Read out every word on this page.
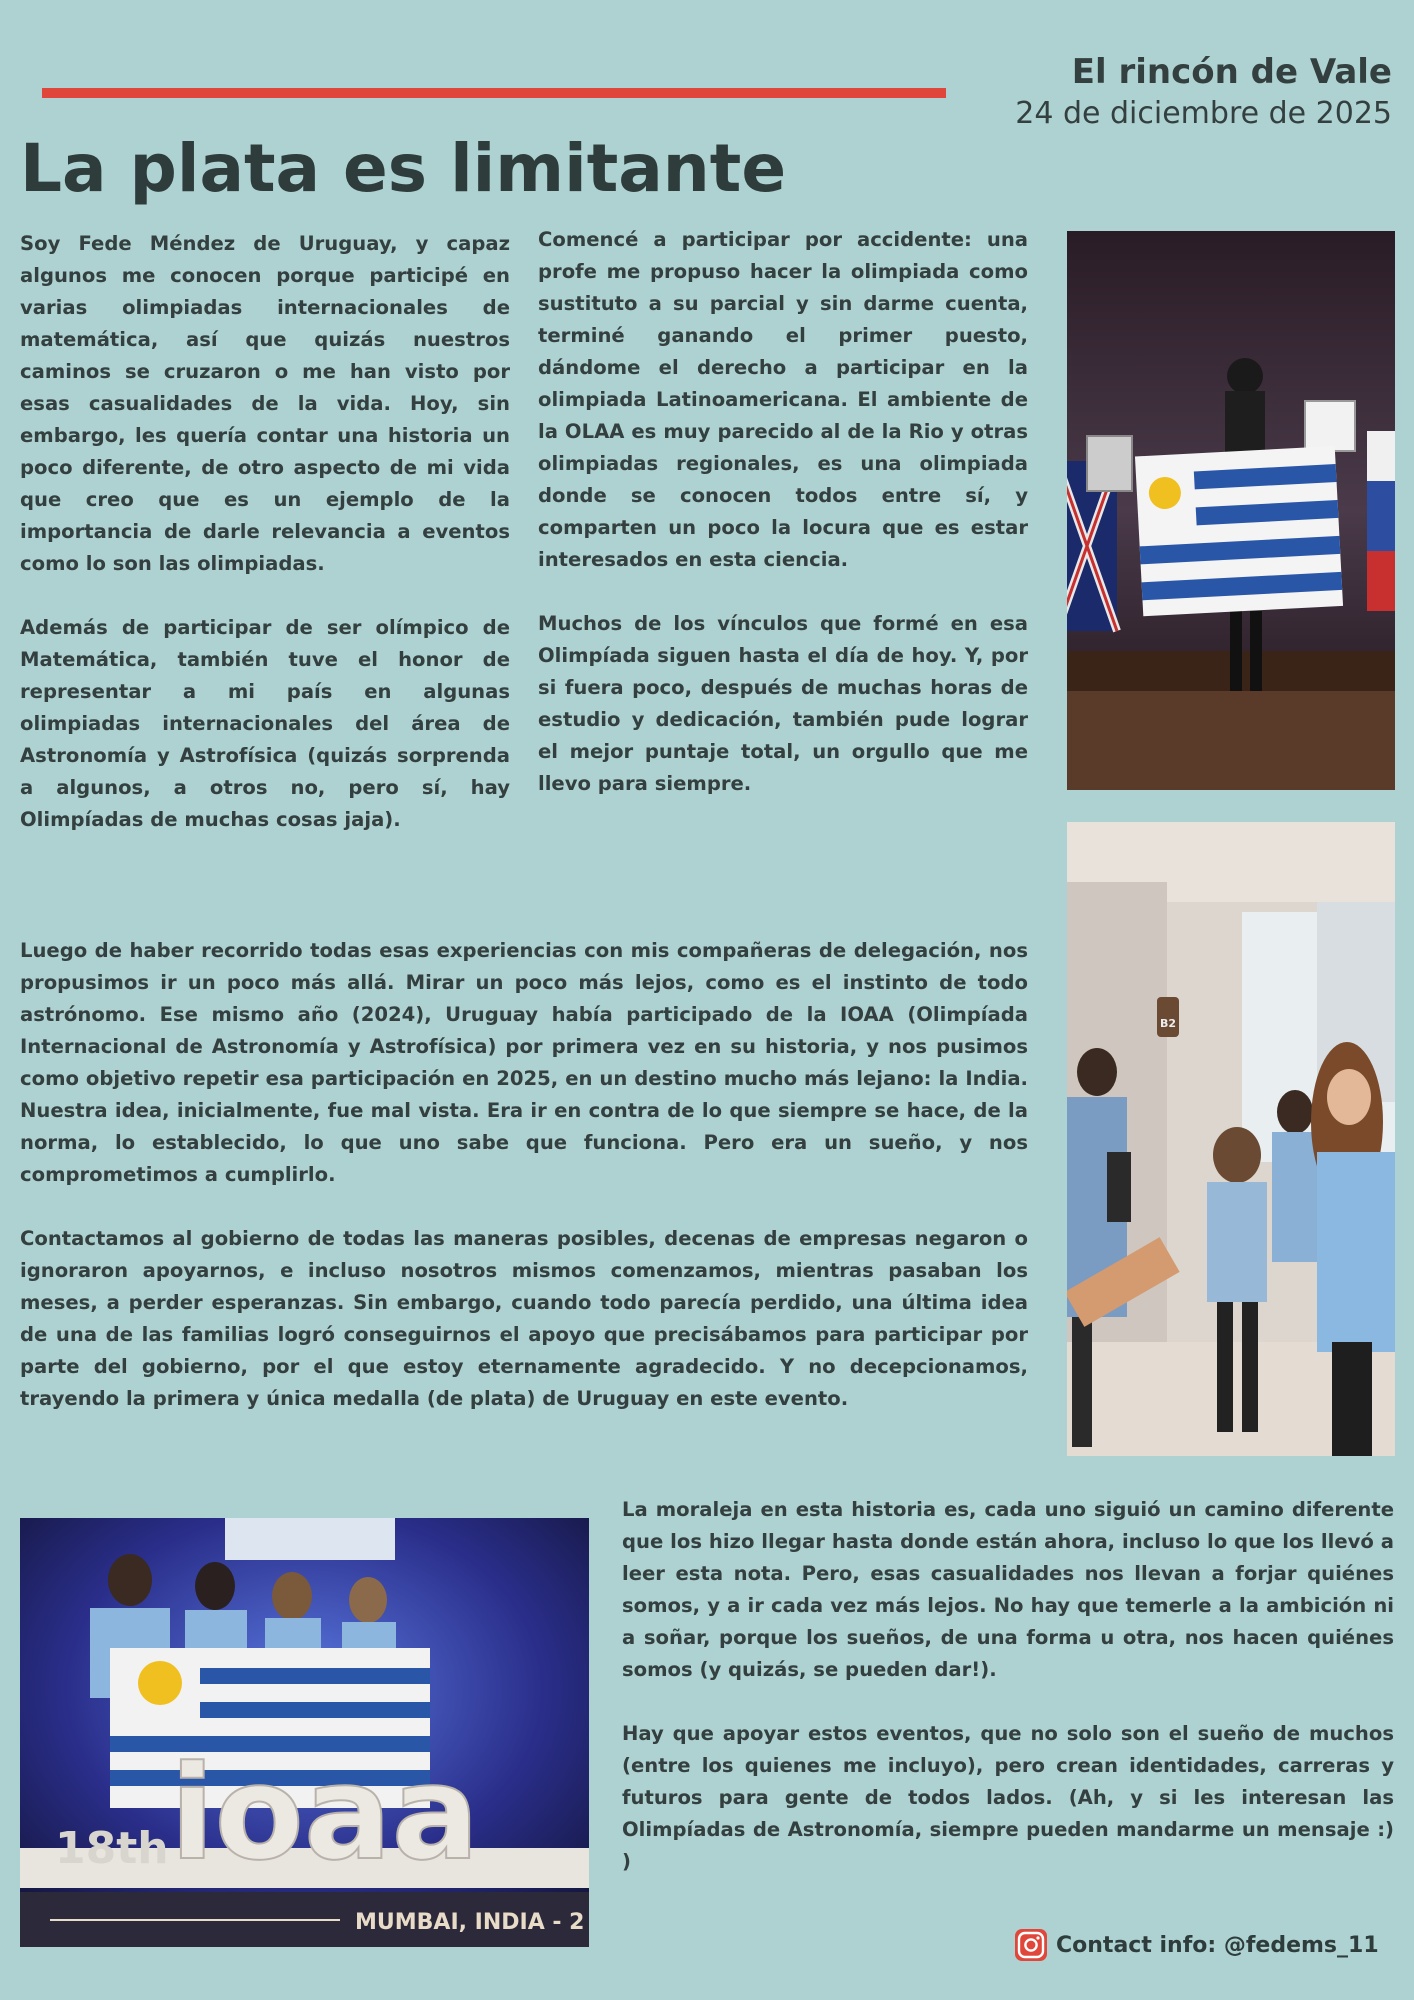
El rincón de Vale
24 de diciembre de 2025
La plata es limitante

Soy Fede Méndez de Uruguay, y capaz algunos me conocen porque participé en varias olimpiadas internacionales de matemática, así que quizás nuestros caminos se cruzaron o me han visto por esas casualidades de la vida. Hoy, sin embargo, les quería contar una historia un poco diferente, de otro aspecto de mi vida que creo que es un ejemplo de la importancia de darle relevancia a eventos como lo son las olimpiadas.

Además de participar de ser olímpico de Matemática, también tuve el honor de representar a mi país en algunas olimpiadas internacionales del área de Astronomía y Astrofísica (quizás sorprenda a algunos, a otros no, pero sí, hay Olimpíadas de muchas cosas jaja).

Comencé a participar por accidente: una profe me propuso hacer la olimpiada como sustituto a su parcial y sin darme cuenta, terminé ganando el primer puesto, dándome el derecho a participar en la olimpiada Latinoamericana. El ambiente de la OLAA es muy parecido al de la Rio y otras olimpiadas regionales, es una olimpiada donde se conocen todos entre sí, y comparten un poco la locura que es estar interesados en esta ciencia.

Muchos de los vínculos que formé en esa Olimpíada siguen hasta el día de hoy. Y, por si fuera poco, después de muchas horas de estudio y dedicación, también pude lograr el mejor puntaje total, un orgullo que me llevo para siempre.

Luego de haber recorrido todas esas experiencias con mis compañeras de delegación, nos propusimos ir un poco más allá. Mirar un poco más lejos, como es el instinto de todo astrónomo. Ese mismo año (2024), Uruguay había participado de la IOAA (Olimpíada Internacional de Astronomía y Astrofísica) por primera vez en su historia, y nos pusimos como objetivo repetir esa participación en 2025, en un destino mucho más lejano: la India. Nuestra idea, inicialmente, fue mal vista. Era ir en contra de lo que siempre se hace, de la norma, lo establecido, lo que uno sabe que funciona. Pero era un sueño, y nos comprometimos a cumplirlo.

Contactamos al gobierno de todas las maneras posibles, decenas de empresas negaron o ignoraron apoyarnos, e incluso nosotros mismos comenzamos, mientras pasaban los meses, a perder esperanzas. Sin embargo, cuando todo parecía perdido, una última idea de una de las familias logró conseguirnos el apoyo que precisábamos para participar por parte del gobierno, por el que estoy eternamente agradecido. Y no decepcionamos, trayendo la primera y única medalla (de plata) de Uruguay en este evento.

La moraleja en esta historia es, cada uno siguió un camino diferente que los hizo llegar hasta donde están ahora, incluso lo que los llevó a leer esta nota. Pero, esas casualidades nos llevan a forjar quiénes somos, y a ir cada vez más lejos. No hay que temerle a la ambición ni a soñar, porque los sueños, de una forma u otra, nos hacen quiénes somos (y quizás, se pueden dar!).

Hay que apoyar estos eventos, que no solo son el sueño de muchos (entre los quienes me incluyo), pero crean identidades, carreras y futuros para gente de todos lados. (Ah, y si les interesan las Olimpíadas de Astronomía, siempre pueden mandarme un mensaje :) )

B2
18th ioaa
MUMBAI, INDIA - 2
Contact info: @fedems_11
